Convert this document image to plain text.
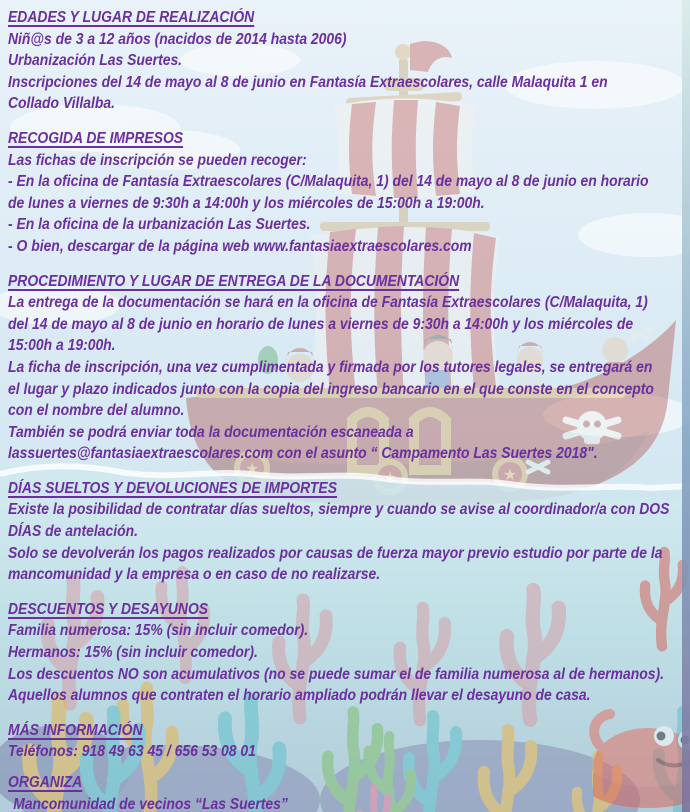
★
★	★
EDADES Y LUGAR DE REALIZACIÓN
Niñ@s de 3 a 12 años (nacidos de 2014 hasta 2006)
Urbanización Las Suertes.
Inscripciones del 14 de mayo al 8 de junio en Fantasía Extraescolares, calle Malaquita 1 en
Collado Villalba.
RECOGIDA DE IMPRESOS
Las fichas de inscripción se pueden recoger:
- En la oficina de Fantasía Extraescolares (C/Malaquita, 1) del 14 de mayo al 8 de junio en horario
de lunes a viernes de 9:30h a 14:00h y los miércoles de 15:00h a 19:00h.
- En la oficina de la urbanización Las Suertes.
- O bien, descargar de la página web www.fantasiaextraescolares.com
PROCEDIMIENTO Y LUGAR DE ENTREGA DE LA DOCUMENTACIÓN
La entrega de la documentación se hará en la oficina de Fantasía Extraescolares (C/Malaquita, 1)
del 14 de mayo al 8 de junio en horario de lunes a viernes de 9:30h a 14:00h y los miércoles de
15:00h a 19:00h.
La ficha de inscripción, una vez cumplimentada y firmada por los tutores legales, se entregará en
el lugar y plazo indicados junto con la copia del ingreso bancario en el que conste en el concepto
con el nombre del alumno.
También se podrá enviar toda la documentación escaneada a
lassuertes@fantasiaextraescolares.com con el asunto “ Campamento Las Suertes 2018".
DÍAS SUELTOS Y DEVOLUCIONES DE IMPORTES
Existe la posibilidad de contratar días sueltos, siempre y cuando se avise al coordinador/a con DOS
DÍAS de antelación.
Solo se devolverán los pagos realizados por causas de fuerza mayor previo estudio por parte de la
mancomunidad y la empresa o en caso de no realizarse.
DESCUENTOS Y DESAYUNOS
Familia numerosa: 15% (sin incluir comedor).
Hermanos: 15% (sin incluir comedor).
Los descuentos NO son acumulativos (no se puede sumar el de familia numerosa al de hermanos).
Aquellos alumnos que contraten el horario ampliado podrán llevar el desayuno de casa.
MÁS INFORMACIÓN
Teléfonos: 918 49 63 45 / 656 53 08 01
ORGANIZA
Mancomunidad de vecinos “Las Suertes”
